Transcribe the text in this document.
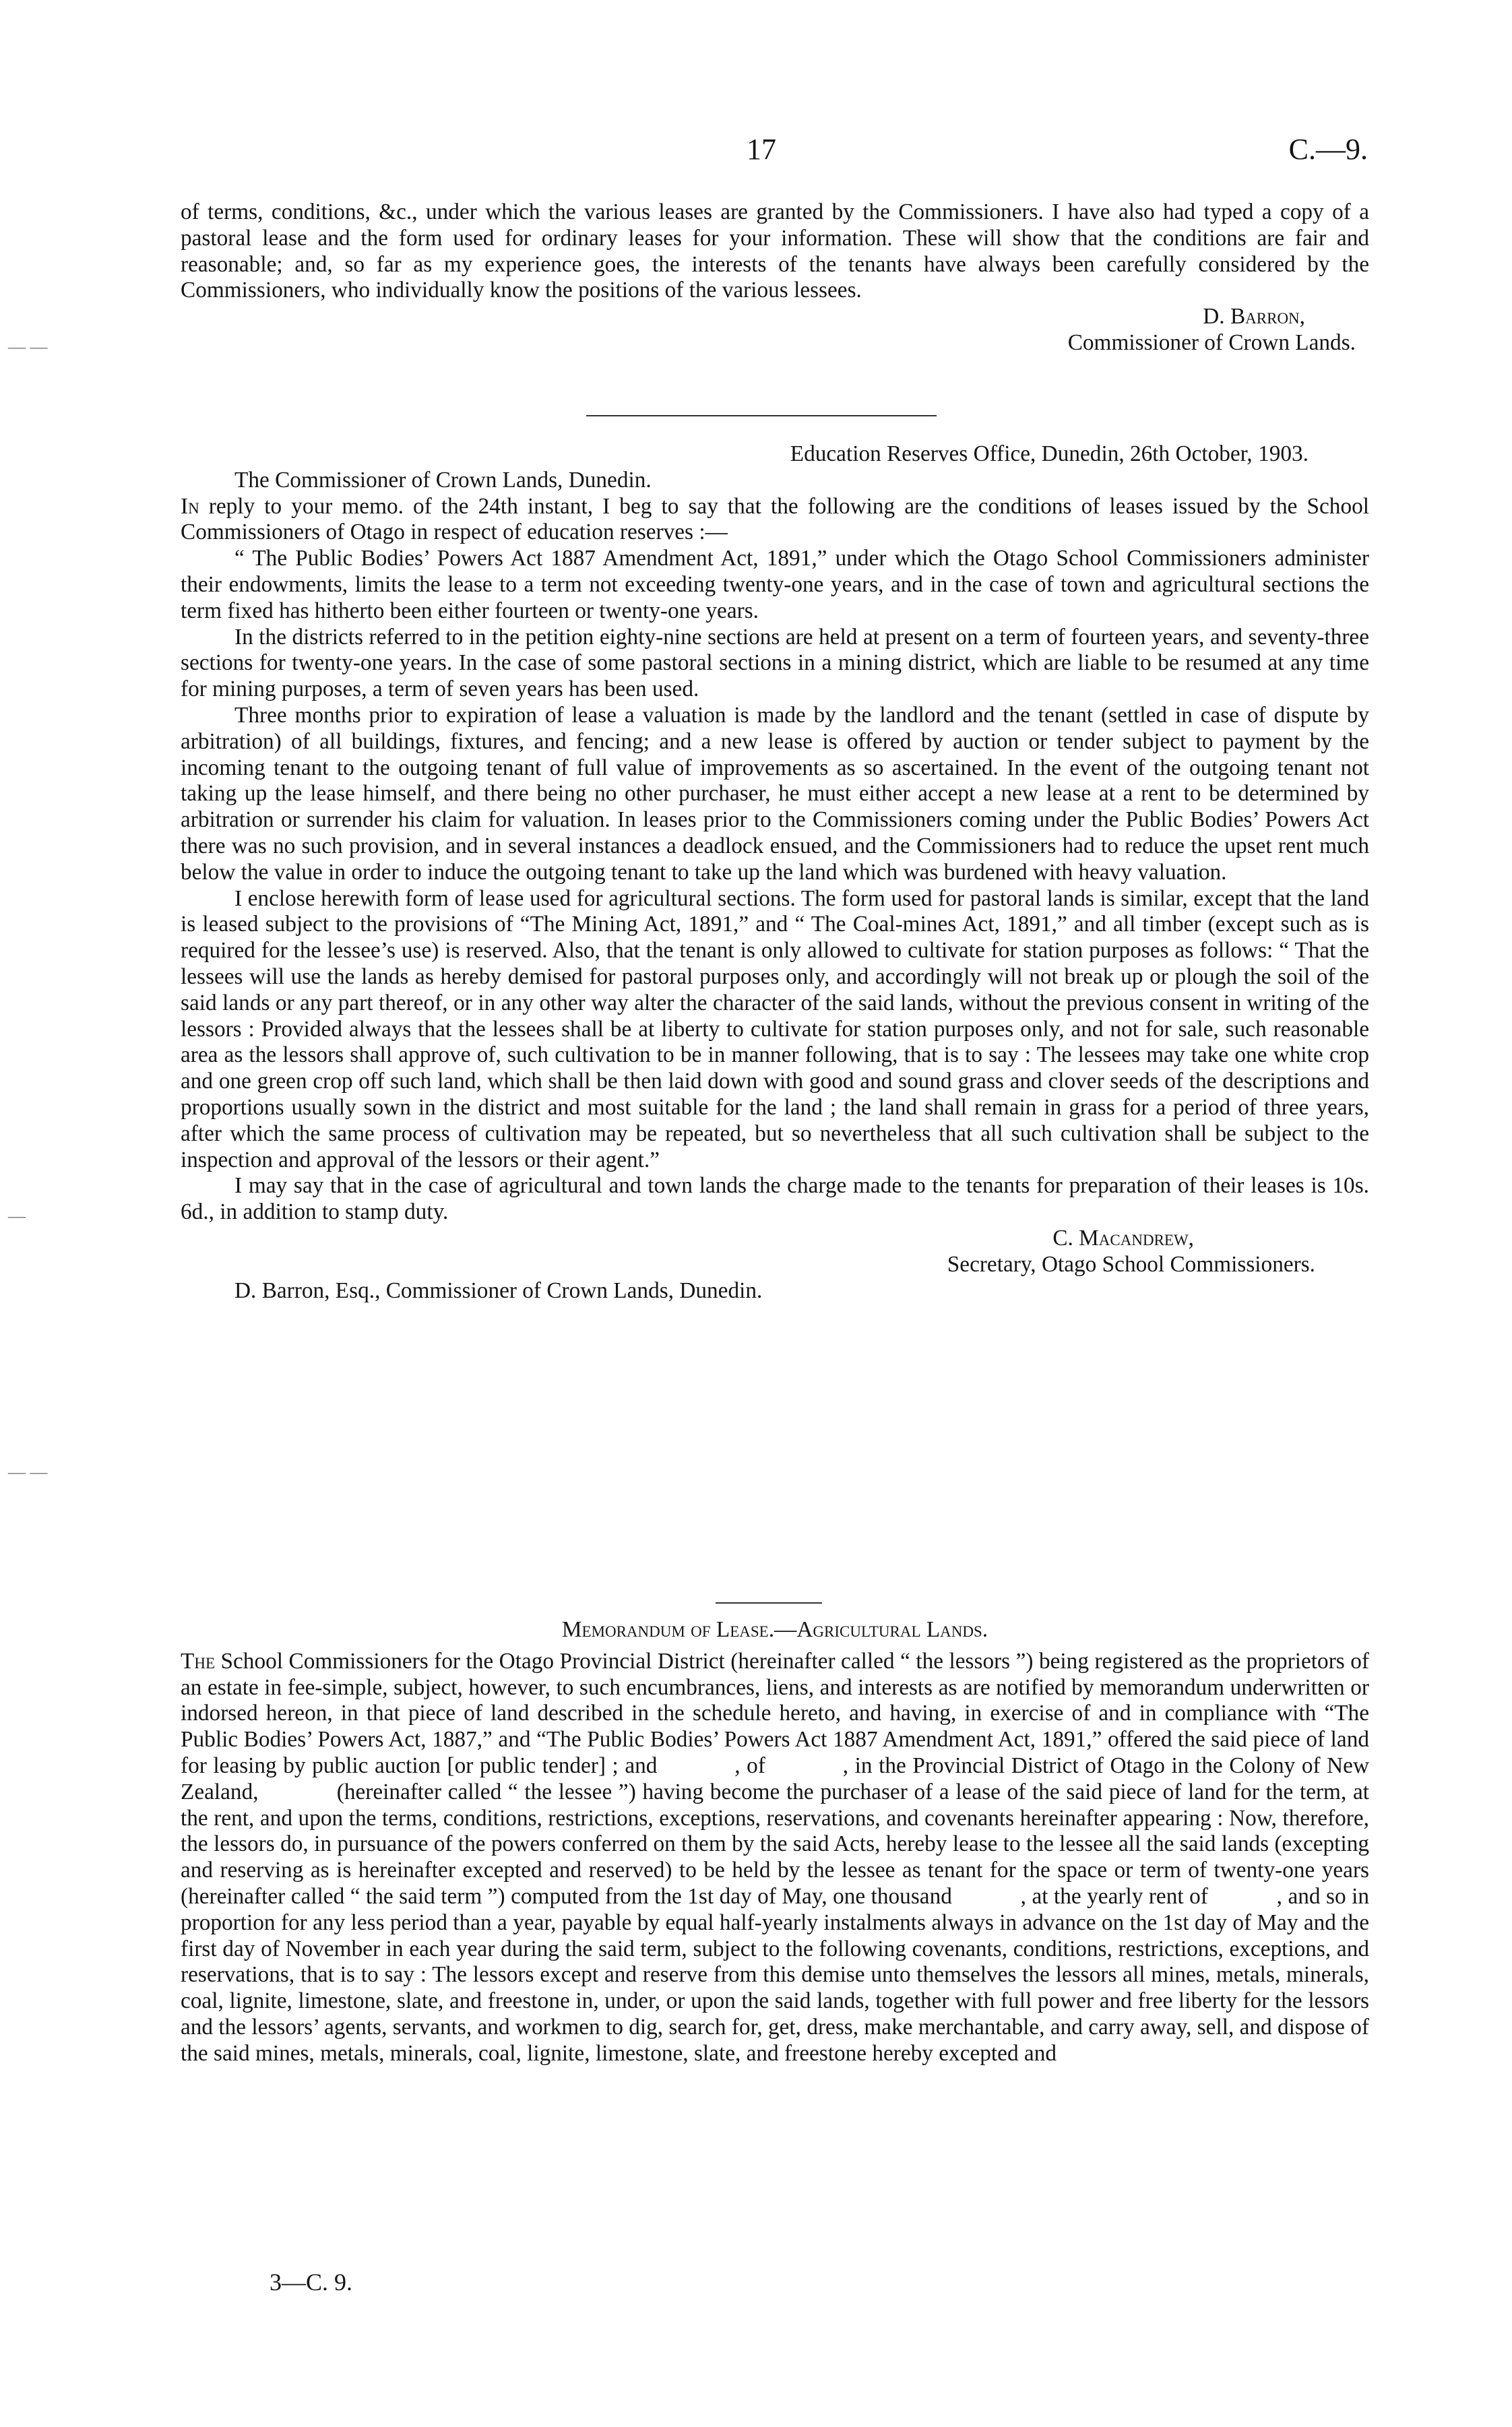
17	C.—9.

of terms, conditions, &c., under which the various leases are granted by the Commissioners. I have also had typed a copy of a pastoral lease and the form used for ordinary leases for your information. These will show that the conditions are fair and reasonable; and, so far as my experience goes, the interests of the tenants have always been carefully considered by the Commissioners, who individually know the positions of the various lessees.

D. Barron,

Commissioner of Crown Lands.

Education Reserves Office, Dunedin, 26th October, 1903.

The Commissioner of Crown Lands, Dunedin.

In reply to your memo. of the 24th instant, I beg to say that the following are the conditions of leases issued by the School Commissioners of Otago in respect of education reserves :—

“ The Public Bodies’ Powers Act 1887 Amendment Act, 1891,” under which the Otago School Commissioners administer their endowments, limits the lease to a term not exceeding twenty-one years, and in the case of town and agricultural sections the term fixed has hitherto been either fourteen or twenty-one years.

In the districts referred to in the petition eighty-nine sections are held at present on a term of fourteen years, and seventy-three sections for twenty-one years. In the case of some pastoral sections in a mining district, which are liable to be resumed at any time for mining purposes, a term of seven years has been used.

Three months prior to expiration of lease a valuation is made by the landlord and the tenant (settled in case of dispute by arbitration) of all buildings, fixtures, and fencing; and a new lease is offered by auction or tender subject to payment by the incoming tenant to the outgoing tenant of full value of improvements as so ascertained. In the event of the outgoing tenant not taking up the lease himself, and there being no other purchaser, he must either accept a new lease at a rent to be determined by arbitration or surrender his claim for valuation. In leases prior to the Commissioners coming under the Public Bodies’ Powers Act there was no such provision, and in several instances a deadlock ensued, and the Commissioners had to reduce the upset rent much below the value in order to induce the outgoing tenant to take up the land which was burdened with heavy valuation.

I enclose herewith form of lease used for agricultural sections. The form used for pastoral lands is similar, except that the land is leased subject to the provisions of “The Mining Act, 1891,” and “ The Coal-mines Act, 1891,” and all timber (except such as is required for the lessee’s use) is reserved. Also, that the tenant is only allowed to cultivate for station purposes as follows: “ That the lessees will use the lands as hereby demised for pastoral purposes only, and accordingly will not break up or plough the soil of the said lands or any part thereof, or in any other way alter the character of the said lands, without the previous consent in writing of the lessors : Provided always that the lessees shall be at liberty to cultivate for station purposes only, and not for sale, such reasonable area as the lessors shall approve of, such cultivation to be in manner following, that is to say : The lessees may take one white crop and one green crop off such land, which shall be then laid down with good and sound grass and clover seeds of the descriptions and proportions usually sown in the district and most suitable for the land ; the land shall remain in grass for a period of three years, after which the same process of cultivation may be repeated, but so nevertheless that all such cultivation shall be subject to the inspection and approval of the lessors or their agent.”

I may say that in the case of agricultural and town lands the charge made to the tenants for preparation of their leases is 10s. 6d., in addition to stamp duty.

C. Macandrew,

Secretary, Otago School Commissioners.

D. Barron, Esq., Commissioner of Crown Lands, Dunedin.

Memorandum of Lease.—Agricultural Lands.

The School Commissioners for the Otago Provincial District (hereinafter called “ the lessors ”) being registered as the proprietors of an estate in fee-simple, subject, however, to such encumbrances, liens, and interests as are notified by memorandum underwritten or indorsed hereon, in that piece of land described in the schedule hereto, and having, in exercise of and in compliance with “The Public Bodies’ Powers Act, 1887,” and “The Public Bodies’ Powers Act 1887 Amendment Act, 1891,” offered the said piece of land for leasing by public auction [or public tender] ; and            , of            , in the Provincial District of Otago in the Colony of New Zealand,            (hereinafter called “ the lessee ”) having become the purchaser of a lease of the said piece of land for the term, at the rent, and upon the terms, conditions, restrictions, exceptions, reservations, and covenants hereinafter appearing : Now, therefore, the lessors do, in pursuance of the powers conferred on them by the said Acts, hereby lease to the lessee all the said lands (excepting and reserving as is hereinafter excepted and reserved) to be held by the lessee as tenant for the space or term of twenty-one years (hereinafter called “ the said term ”) computed from the 1st day of May, one thousand            , at the yearly rent of            , and so in proportion for any less period than a year, payable by equal half-yearly instalments always in advance on the 1st day of May and the first day of November in each year during the said term, subject to the following covenants, conditions, restrictions, exceptions, and reservations, that is to say : The lessors except and reserve from this demise unto themselves the lessors all mines, metals, minerals, coal, lignite, limestone, slate, and freestone in, under, or upon the said lands, together with full power and free liberty for the lessors and the lessors’ agents, servants, and workmen to dig, search for, get, dress, make merchantable, and carry away, sell, and dispose of the said mines, metals, minerals, coal, lignite, limestone, slate, and freestone hereby excepted and

3—C. 9.
— —
—
— —
